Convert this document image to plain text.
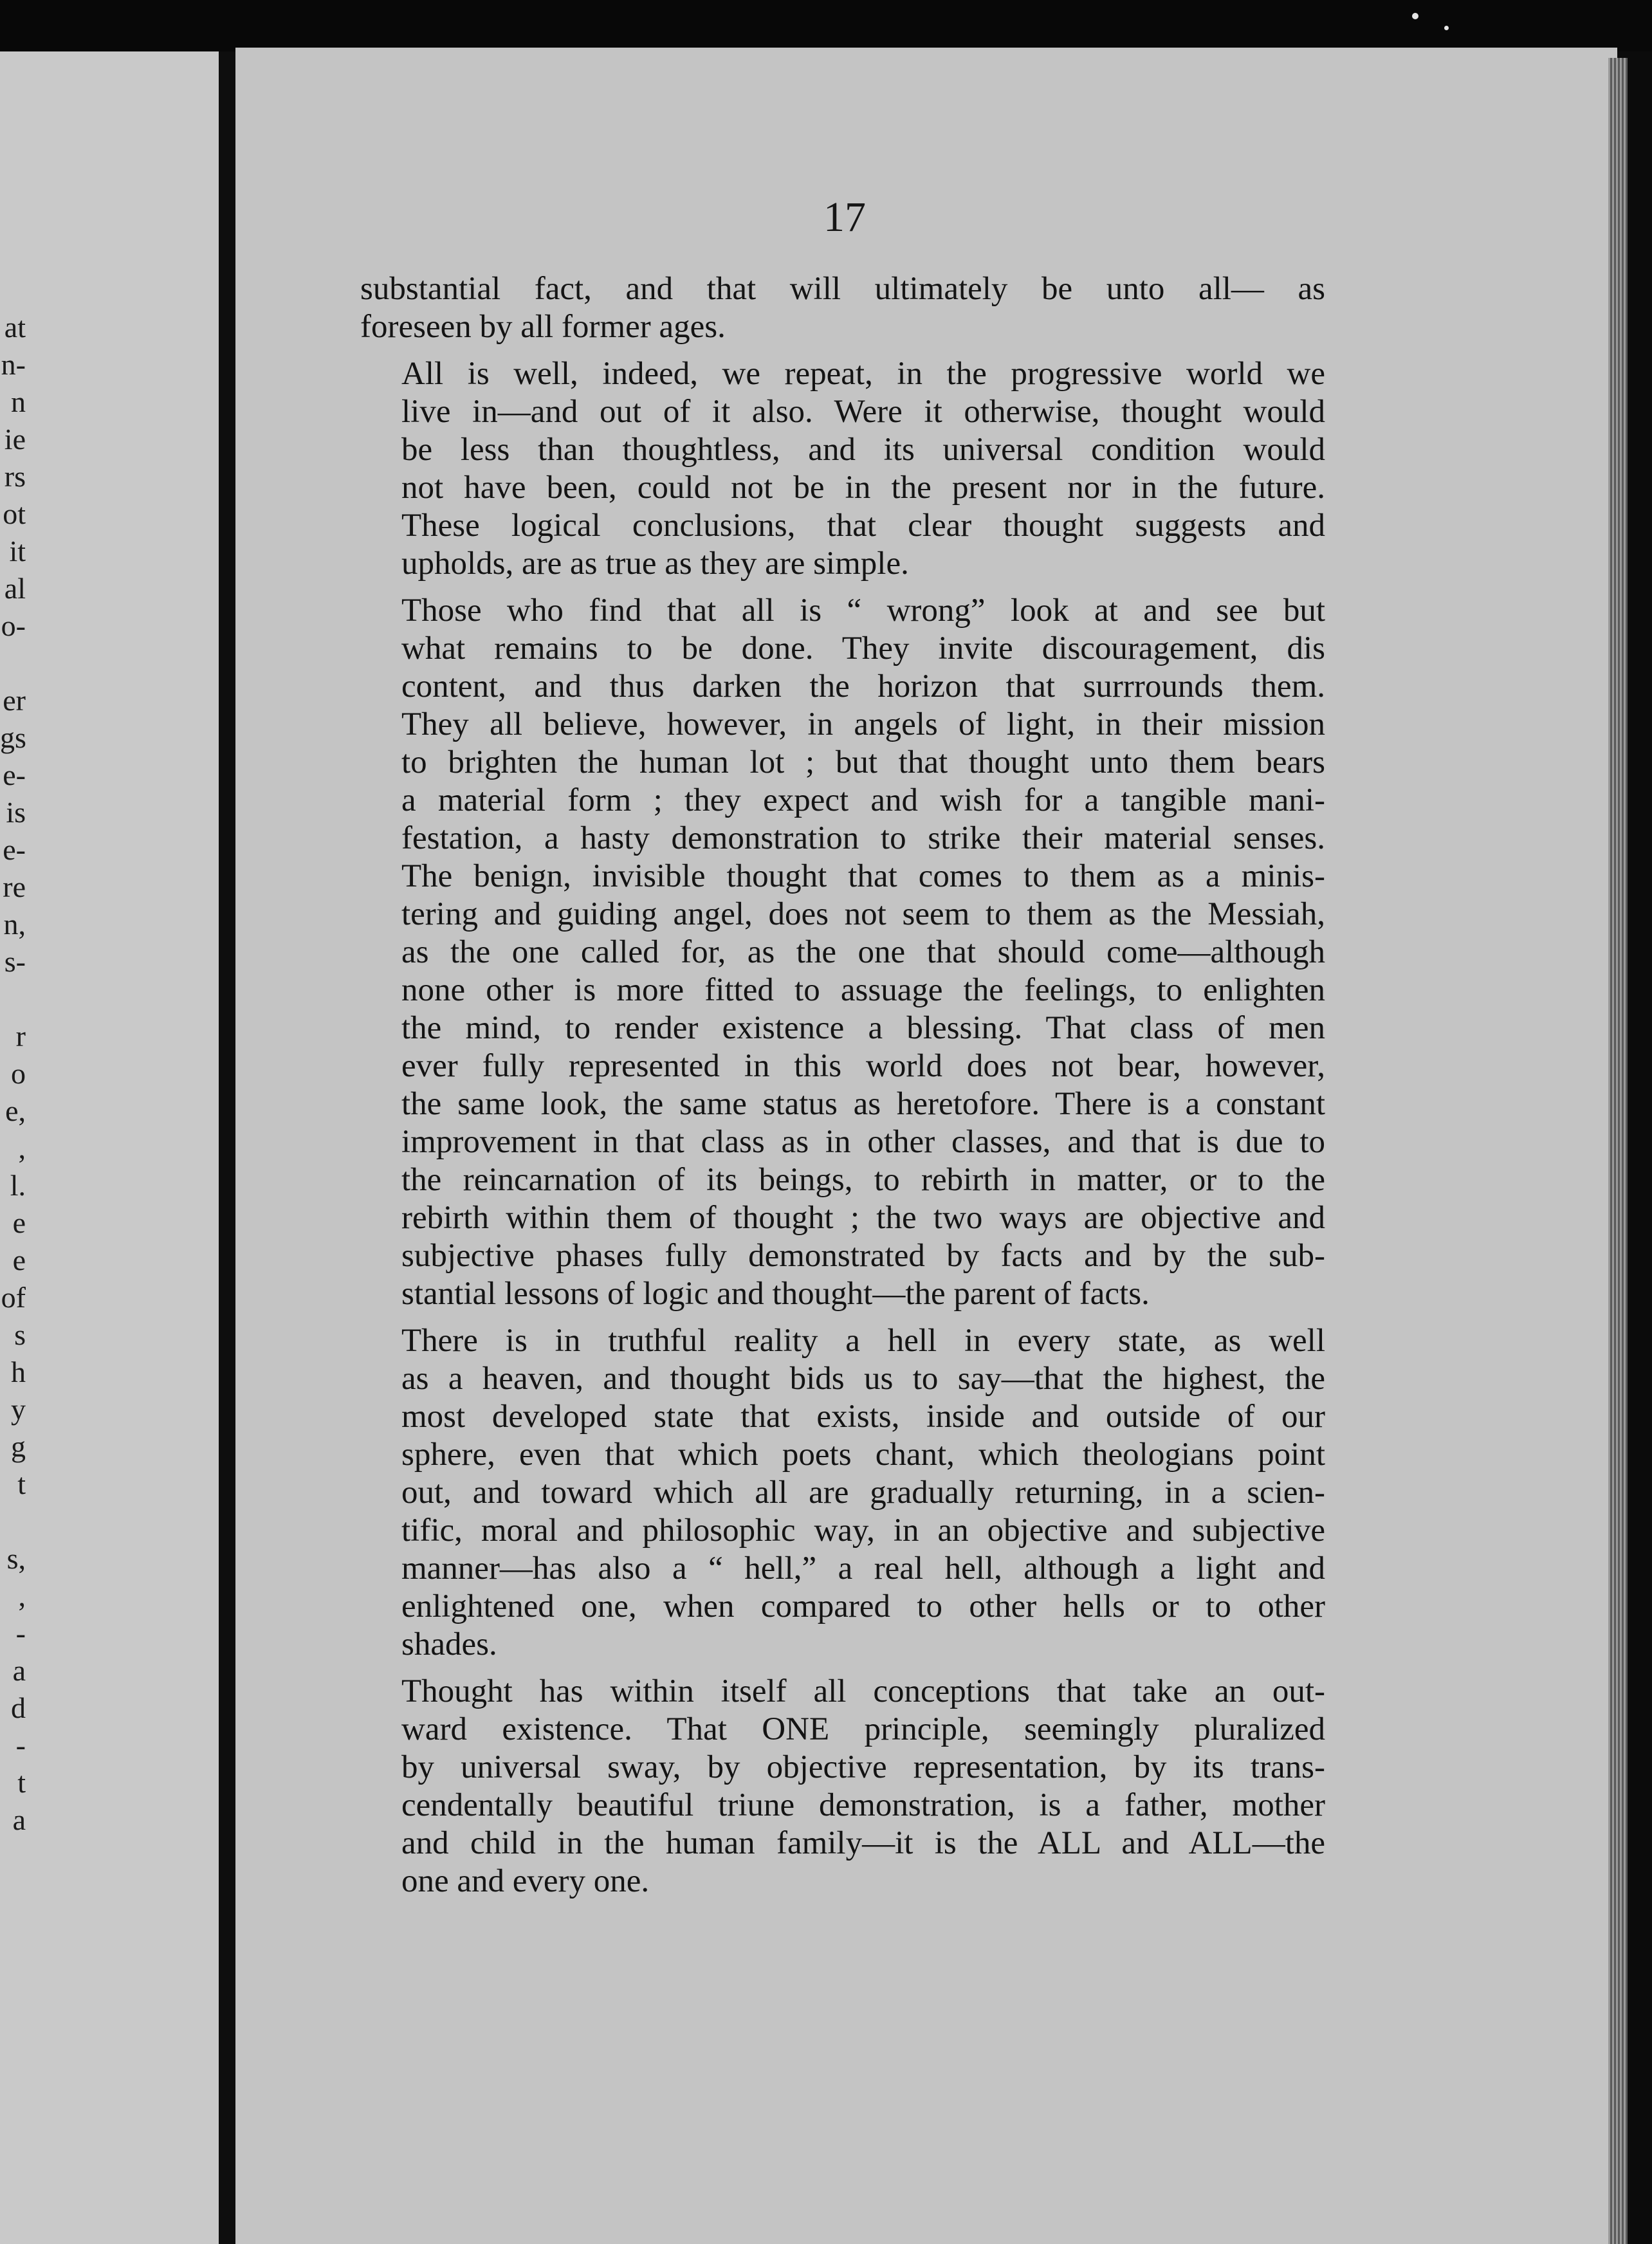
at
n-
n
ie
rs
ot
it
al
o-

er
gs
e-
is
e-
re
n,
s-

r
o
e,
,
l.
e
e
of
s
h
y
g
t

s,
,
-
a
d
-
t
a
17
substantial fact, and that will ultimately be unto all— as
foreseen by all former ages.
All is well, indeed, we repeat, in the progressive world we
live in—and out of it also. Were it otherwise, thought would
be less than thoughtless, and its universal condition would
not have been, could not be in the present nor in the future.
These logical conclusions, that clear thought suggests and
upholds, are as true as they are simple.
Those who find that all is “ wrong” look at and see but
what remains to be done. They invite discouragement, dis
content, and thus darken the horizon that surrrounds them.
They all believe, however, in angels of light, in their mission
to brighten the human lot ; but that thought unto them bears
a material form ; they expect and wish for a tangible mani-
festation, a hasty demonstration to strike their material senses.
The benign, invisible thought that comes to them as a minis-
tering and guiding angel, does not seem to them as the Messiah,
as the one called for, as the one that should come—although
none other is more fitted to assuage the feelings, to enlighten
the mind, to render existence a blessing. That class of men
ever fully represented in this world does not bear, however,
the same look, the same status as heretofore. There is a constant
improvement in that class as in other classes, and that is due to
the reincarnation of its beings, to rebirth in matter, or to the
rebirth within them of thought ; the two ways are objective and
subjective phases fully demonstrated by facts and by the sub-
stantial lessons of logic and thought—the parent of facts.
There is in truthful reality a hell in every state, as well
as a heaven, and thought bids us to say—that the highest, the
most developed state that exists, inside and outside of our
sphere, even that which poets chant, which theologians point
out, and toward which all are gradually returning, in a scien-
tific, moral and philosophic way, in an objective and subjective
manner—has also a “ hell,” a real hell, although a light and
enlightened one, when compared to other hells or to other
shades.
Thought has within itself all conceptions that take an out-
ward existence. That ONE principle, seemingly pluralized
by universal sway, by objective representation, by its trans-
cendentally beautiful triune demonstration, is a father, mother
and child in the human family—it is the ALL and ALL—the
one and every one.
